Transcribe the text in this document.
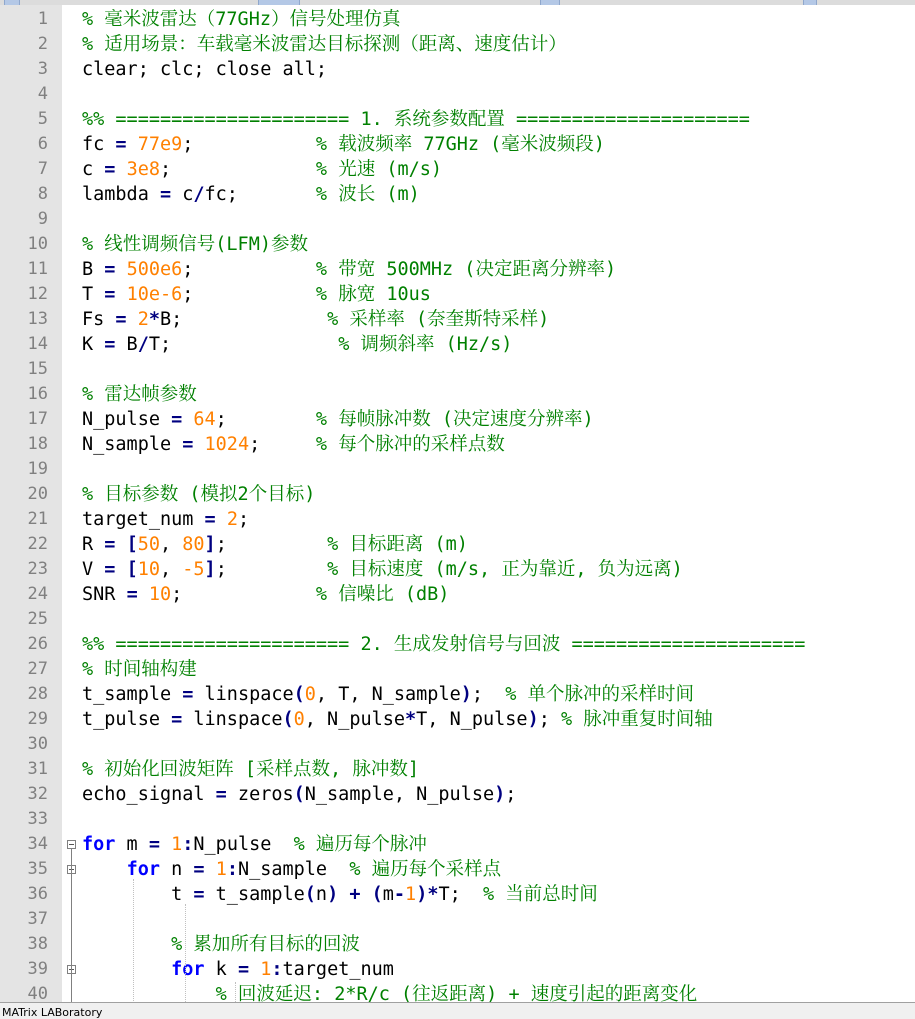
1 % 毫米波雷达（77GHz）信号处理仿真
2 % 适用场景：车载毫米波雷达目标探测（距离、速度估计）
3 clear; clc; close all;
4
5 %% ===================== 1. 系统参数配置 =====================
6 fc = 77e9;           % 载波频率 77GHz (毫米波频段)
7 c = 3e8;             % 光速 (m/s)
8 lambda = c/fc;       % 波长 (m)
9
10 % 线性调频信号(LFM)参数
11 B = 500e6;           % 带宽 500MHz (决定距离分辨率)
12 T = 10e-6;           % 脉宽 10us
13 Fs = 2*B;             % 采样率 (奈奎斯特采样)
14 K = B/T;               % 调频斜率 (Hz/s)
15
16 % 雷达帧参数
17 N_pulse = 64;        % 每帧脉冲数 (决定速度分辨率)
18 N_sample = 1024;     % 每个脉冲的采样点数
19
20 % 目标参数 (模拟2个目标)
21 target_num = 2;
22 R = [50, 80];         % 目标距离 (m)
23 V = [10, -5];         % 目标速度 (m/s, 正为靠近, 负为远离)
24 SNR = 10;            % 信噪比 (dB)
25
26 %% ===================== 2. 生成发射信号与回波 =====================
27 % 时间轴构建
28 t_sample = linspace(0, T, N_sample);  % 单个脉冲的采样时间
29 t_pulse = linspace(0, N_pulse*T, N_pulse); % 脉冲重复时间轴
30
31 % 初始化回波矩阵 [采样点数, 脉冲数]
32 echo_signal = zeros(N_sample, N_pulse);
33
34 for m = 1:N_pulse  % 遍历每个脉冲
35	for n = 1:N_sample  % 遍历每个采样点
36 t = t_sample(n) + (m-1)*T;  % 当前总时间
37
38	% 累加所有目标的回波
39	for k = 1:target_num
40	% 回波延迟: 2*R/c (往返距离) + 速度引起的距离变化
MATrix LABoratory
